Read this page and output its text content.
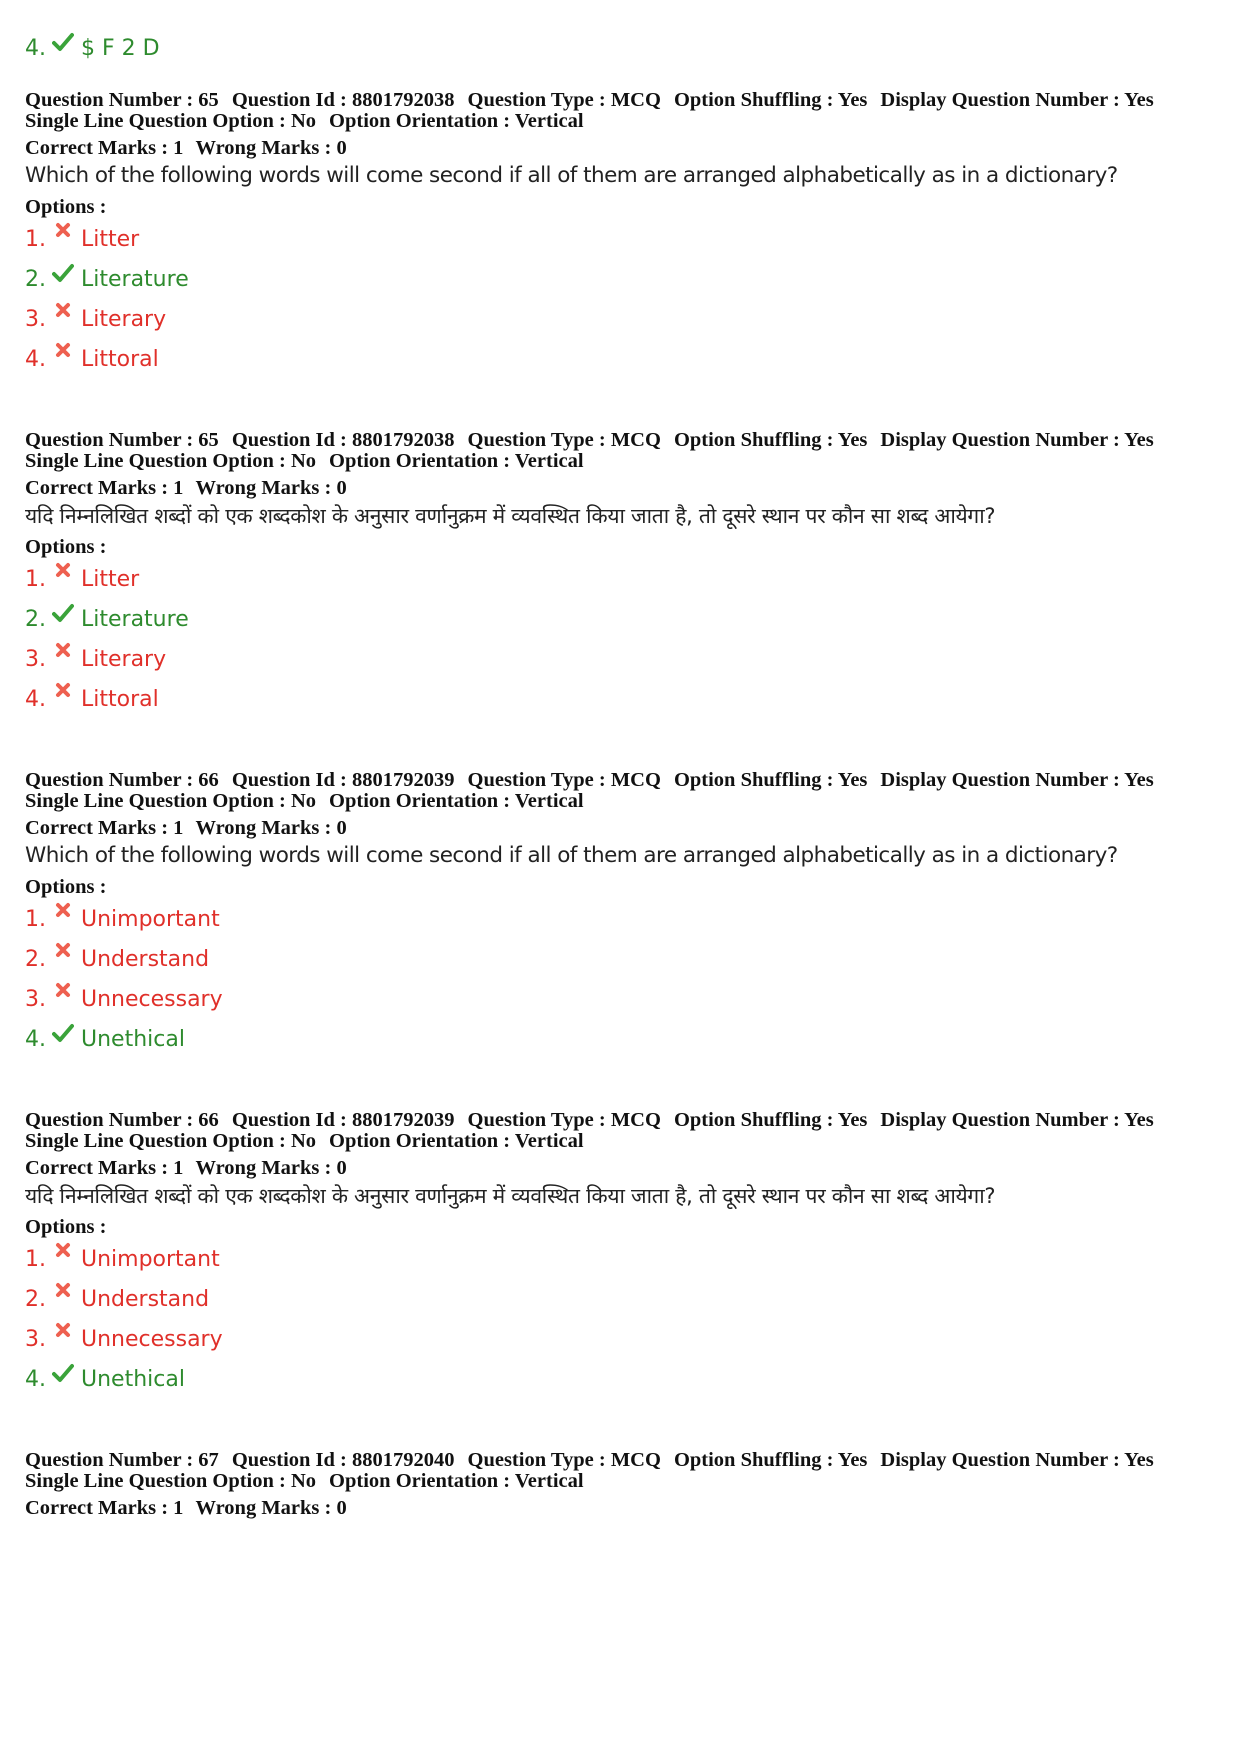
4. $ F 2 D
Question Number : 65 Question Id : 8801792038 Question Type : MCQ Option Shuffling : Yes Display Question Number : Yes
Single Line Question Option : No Option Orientation : Vertical
Correct Marks : 1 Wrong Marks : 0
Which of the following words will come second if all of them are arranged alphabetically as in a dictionary?
Options :
1. Litter
2. Literature
3. Literary
4. Littoral
Question Number : 65 Question Id : 8801792038 Question Type : MCQ Option Shuffling : Yes Display Question Number : Yes
Single Line Question Option : No Option Orientation : Vertical
Correct Marks : 1 Wrong Marks : 0
यदि निम्नलिखित शब्दों को एक शब्दकोश के अनुसार वर्णानुक्रम में व्यवस्थित किया जाता है, तो दूसरे स्थान पर कौन सा शब्द आयेगा?
Options :
1. Litter
2. Literature
3. Literary
4. Littoral
Question Number : 66 Question Id : 8801792039 Question Type : MCQ Option Shuffling : Yes Display Question Number : Yes
Single Line Question Option : No Option Orientation : Vertical
Correct Marks : 1 Wrong Marks : 0
Which of the following words will come second if all of them are arranged alphabetically as in a dictionary?
Options :
1. Unimportant
2. Understand
3. Unnecessary
4. Unethical
Question Number : 66 Question Id : 8801792039 Question Type : MCQ Option Shuffling : Yes Display Question Number : Yes
Single Line Question Option : No Option Orientation : Vertical
Correct Marks : 1 Wrong Marks : 0
यदि निम्नलिखित शब्दों को एक शब्दकोश के अनुसार वर्णानुक्रम में व्यवस्थित किया जाता है, तो दूसरे स्थान पर कौन सा शब्द आयेगा?
Options :
1. Unimportant
2. Understand
3. Unnecessary
4. Unethical
Question Number : 67 Question Id : 8801792040 Question Type : MCQ Option Shuffling : Yes Display Question Number : Yes
Single Line Question Option : No Option Orientation : Vertical
Correct Marks : 1 Wrong Marks : 0
